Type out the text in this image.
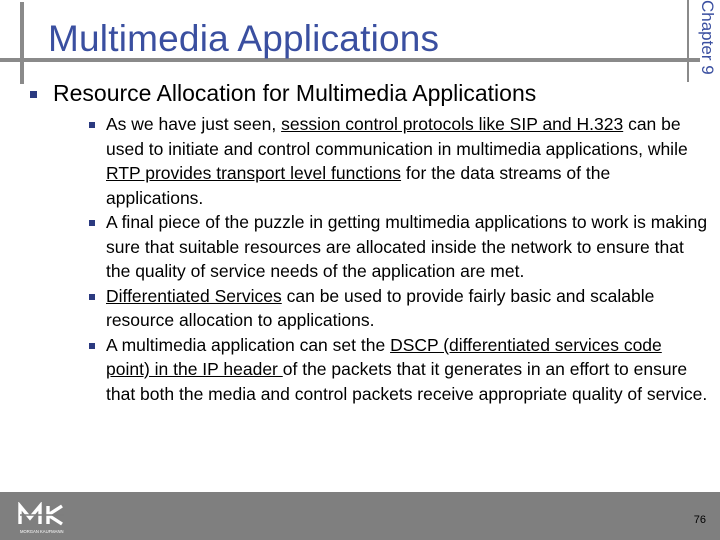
Multimedia Applications	Chapter 9
Resource Allocation for Multimedia Applications
As we have just seen, session control protocols like SIP and H.323 can be used to initiate and control communication in multimedia applications, while RTP provides transport level functions for the data streams of the applications.
A final piece of the puzzle in getting multimedia applications to work is making sure that suitable resources are allocated inside the network to ensure that the quality of service needs of the application are met.
Differentiated Services can be used to provide fairly basic and scalable resource allocation to applications.
A multimedia application can set the DSCP (differentiated services code point) in the IP header of the packets that it generates in an effort to ensure that both the media and control packets receive appropriate quality of service.
MORGAN KAUFMANN
76
